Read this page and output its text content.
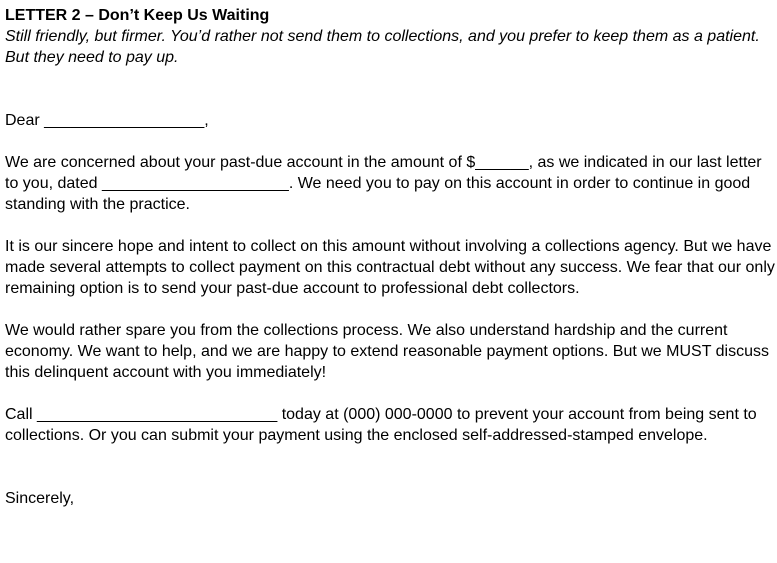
LETTER 2 – Don’t Keep Us Waiting
Still friendly, but firmer. You’d rather not send them to collections, and you prefer to keep them as a patient. But they need to pay up.

Dear __________________,

We are concerned about your past-due account in the amount of $______, as we indicated in our last letter to you, dated _____________________. We need you to pay on this account in order to continue in good standing with the practice.

It is our sincere hope and intent to collect on this amount without involving a collections agency. But we have made several attempts to collect payment on this contractual debt without any success. We fear that our only remaining option is to send your past-due account to professional debt collectors.

We would rather spare you from the collections process. We also understand hardship and the current economy. We want to help, and we are happy to extend reasonable payment options. But we MUST discuss this delinquent account with you immediately!

Call ___________________________ today at (000) 000-0000 to prevent your account from being sent to collections. Or you can submit your payment using the enclosed self-addressed-stamped envelope.

Sincerely,
